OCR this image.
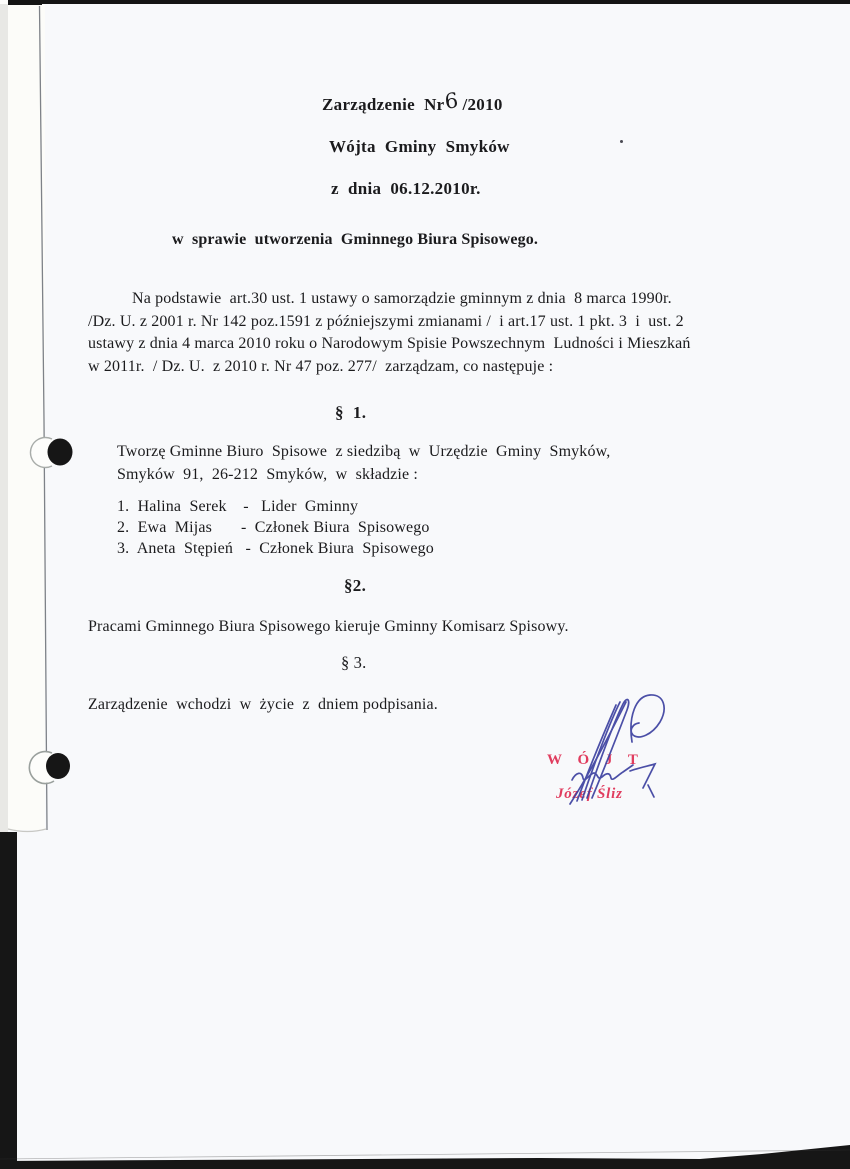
Zarządzenie  Nr6 /2010
Wójta  Gminy  Smyków
z  dnia  06.12.2010r.
w  sprawie  utworzenia  Gminnego Biura Spisowego.
Na podstawie  art.30 ust. 1 ustawy o samorządzie gminnym z dnia  8 marca 1990r.
/Dz. U. z 2001 r. Nr 142 poz.1591 z późniejszymi zmianami /  i art.17 ust. 1 pkt. 3  i  ust. 2
ustawy z dnia 4 marca 2010 roku o Narodowym Spisie Powszechnym  Ludności i Mieszkań
w 2011r.  / Dz. U.  z 2010 r. Nr 47 poz. 277/  zarządzam, co następuje :
§  1.
Tworzę Gminne Biuro  Spisowe  z siedzibą  w  Urzędzie  Gminy  Smyków,
Smyków  91,  26-212  Smyków,  w  składzie :
1.  Halina  Serek    -   Lider  Gminny
2.  Ewa  Mijas       -  Członek Biura  Spisowego
3.  Aneta  Stępień   -  Członek Biura  Spisowego
§2.
Pracami Gminnego Biura Spisowego kieruje Gminny Komisarz Spisowy.
§ 3.
Zarządzenie  wchodzi  w  życie  z  dniem podpisania.
W Ó J T
Józef Śliz
